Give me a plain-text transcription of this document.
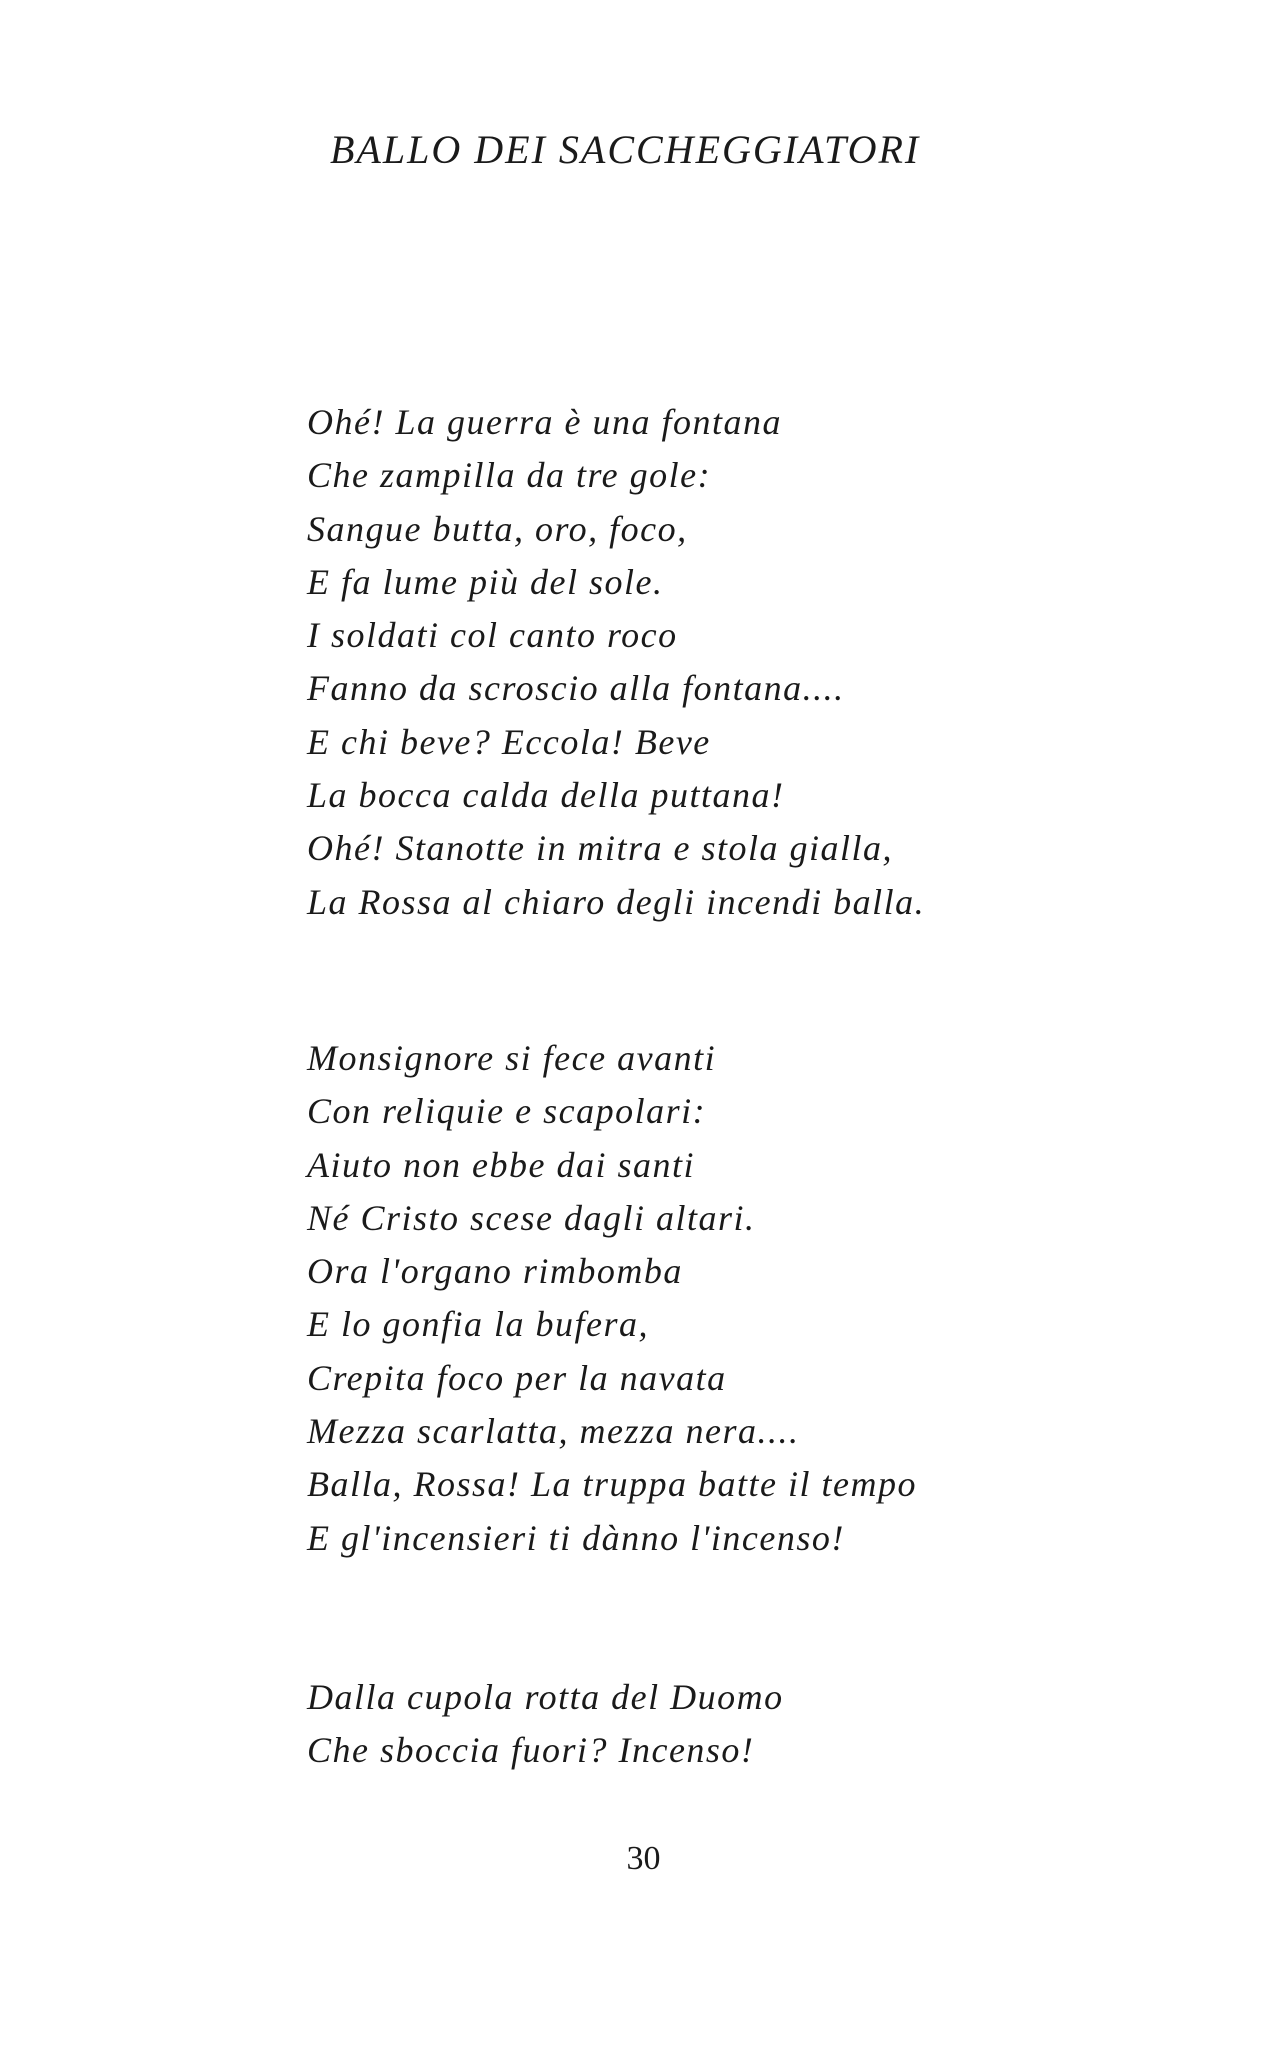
BALLO DEI SACCHEGGIATORI
Ohé! La guerra è una fontana
Che zampilla da tre gole:
Sangue butta, oro, foco,
E fa lume più del sole.
I soldati col canto roco
Fanno da scroscio alla fontana....
E chi beve? Eccola! Beve
La bocca calda della puttana!
Ohé! Stanotte in mitra e stola gialla,
La Rossa al chiaro degli incendi balla.
Monsignore si fece avanti
Con reliquie e scapolari:
Aiuto non ebbe dai santi
Né Cristo scese dagli altari.
Ora l'organo rimbomba
E lo gonfia la bufera,
Crepita foco per la navata
Mezza scarlatta, mezza nera....
Balla, Rossa! La truppa batte il tempo
E gl'incensieri ti dànno l'incenso!
Dalla cupola rotta del Duomo
Che sboccia fuori? Incenso!
30
